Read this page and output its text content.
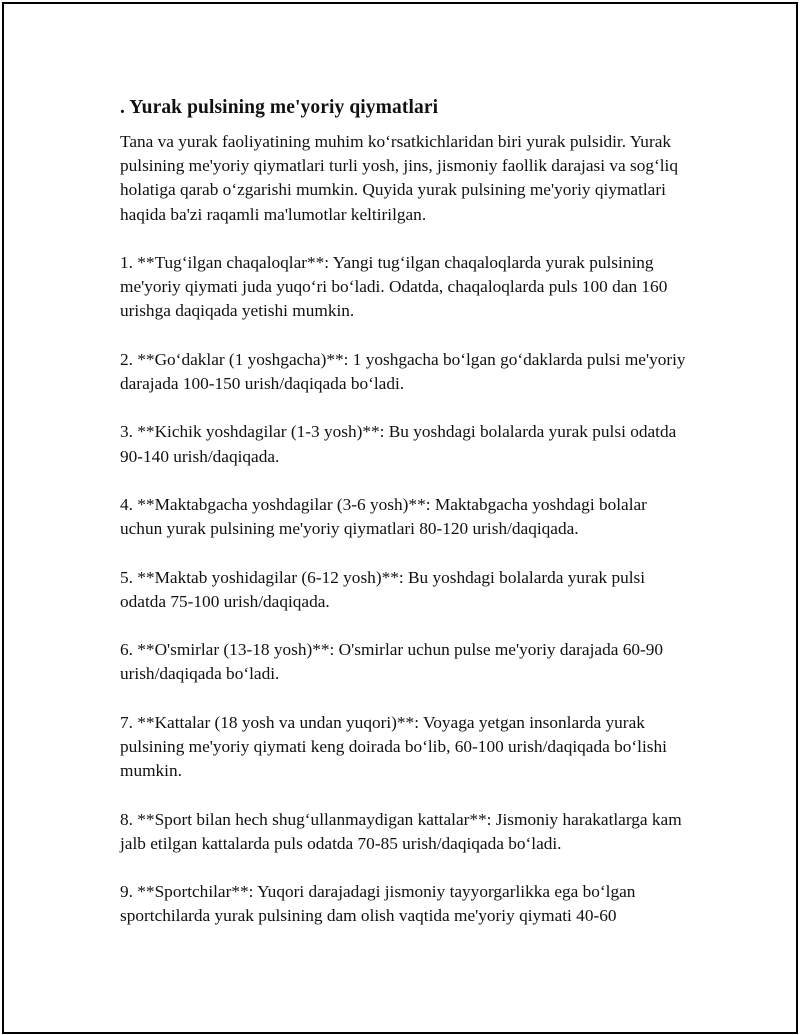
. Yurak pulsining me'yoriy qiymatlari

Tana va yurak faoliyatining muhim koʻrsatkichlaridan biri yurak pulsidir. Yurak pulsining me'yoriy qiymatlari turli yosh, jins, jismoniy faollik darajasi va sogʻliq holatiga qarab oʻzgarishi mumkin. Quyida yurak pulsining me'yoriy qiymatlari haqida ba'zi raqamli ma'lumotlar keltirilgan.

1. **Tugʻilgan chaqaloqlar**: Yangi tugʻilgan chaqaloqlarda yurak pulsining me'yoriy qiymati juda yuqoʻri boʻladi. Odatda, chaqaloqlarda puls 100 dan 160 urishga daqiqada yetishi mumkin.

2. **Goʻdaklar (1 yoshgacha)**: 1 yoshgacha boʻlgan goʻdaklarda pulsi me'yoriy darajada 100-150 urish/daqiqada boʻladi.

3. **Kichik yoshdagilar (1-3 yosh)**: Bu yoshdagi bolalarda yurak pulsi odatda 90-140 urish/daqiqada.

4. **Maktabgacha yoshdagilar (3-6 yosh)**: Maktabgacha yoshdagi bolalar uchun yurak pulsining me'yoriy qiymatlari 80-120 urish/daqiqada.

5. **Maktab yoshidagilar (6-12 yosh)**: Bu yoshdagi bolalarda yurak pulsi odatda 75-100 urish/daqiqada.

6. **O'smirlar (13-18 yosh)**: O'smirlar uchun pulse me'yoriy darajada 60-90 urish/daqiqada boʻladi.

7. **Kattalar (18 yosh va undan yuqori)**: Voyaga yetgan insonlarda yurak pulsining me'yoriy qiymati keng doirada boʻlib, 60-100 urish/daqiqada boʻlishi mumkin.

8. **Sport bilan hech shugʻullanmaydigan kattalar**: Jismoniy harakatlarga kam jalb etilgan kattalarda puls odatda 70-85 urish/daqiqada boʻladi.

9. **Sportchilar**: Yuqori darajadagi jismoniy tayyorgarlikka ega boʻlgan sportchilarda yurak pulsining dam olish vaqtida me'yoriy qiymati 40-60
